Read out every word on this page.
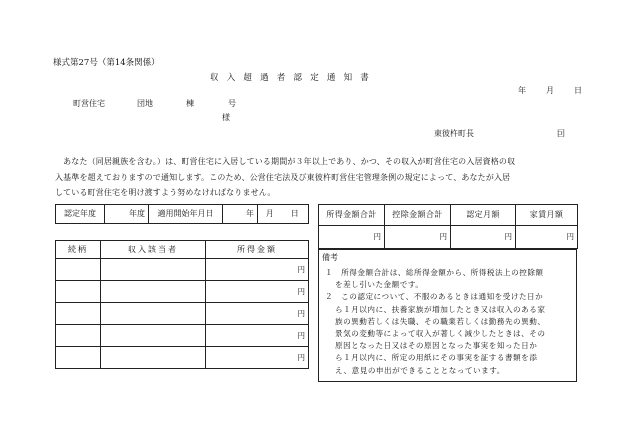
様式第27号（第14条関係）
収入超過者認定通知書
年	月	日
町営住宅	団地	棟	号
様
東彼杵町長	囙
　あなた（同居親族を含む。）は、町営住宅に入居している期間が３年以上であり、かつ、その収入が町営住宅の入居資格の収
入基準を超えておりますので通知します。このため、公営住宅法及び東彼杵町営住宅管理条例の規定によって、あなたが入居
している町営住宅を明け渡すよう努めなければなりません。
認定年度	年度	適用開始年月日	年	月	日
続柄	収入該当者	所得金額
		円
		円
		円
		円
		円
所得金額合計	控除金額合計	認定月額	家賃月額
円	円	円	円
備考
１　所得金額合計は、総所得金額から、所得税法上の控除額
を差し引いた金額です。
２　この認定について、不服のあるときは通知を受けた日か
ら１月以内に、扶養家族が増加したとき又は収入のある家
族の異動若しくは失職、その職業若しくは勤務先の異動、
景気の変動等によって収入が著しく減少したときは、その
原因となった日又はその原因となった事実を知った日か
ら１月以内に、所定の用紙にその事実を証する書類を添
え、意見の申出ができることとなっています。
